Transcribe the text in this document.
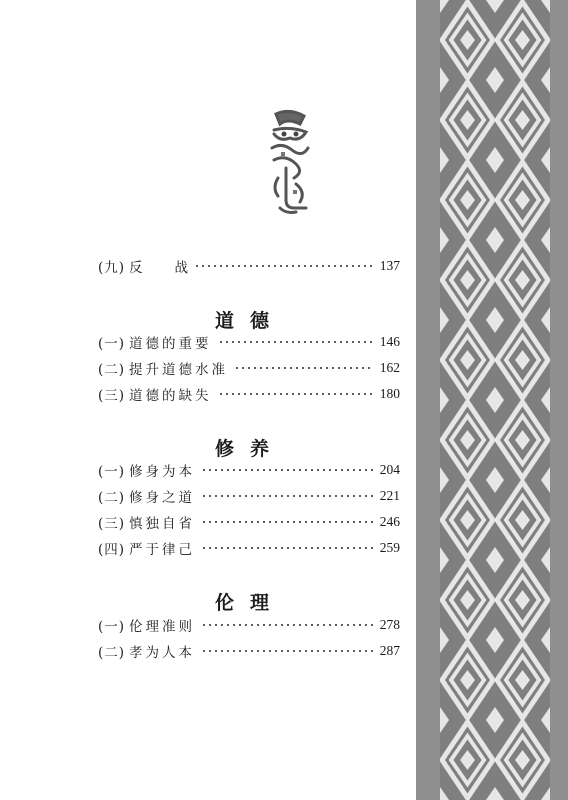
(九) 反 战	137
道德
(一) 道德的重要	146
(二) 提升道德水准	162
(三) 道德的缺失	180
修养
(一) 修身为本	204
(二) 修身之道	221
(三) 慎独自省	246
(四) 严于律己	259
伦理
(一) 伦理准则	278
(二) 孝为人本	287
